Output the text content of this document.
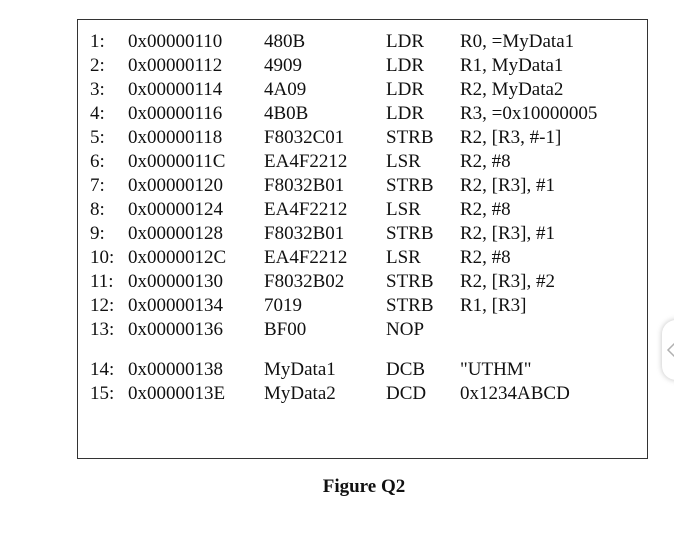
1: 0x00000110 480B	LDR R0, =MyData1
2: 0x00000112 4909	LDR R1, MyData1
3: 0x00000114 4A09	LDR R2, MyData2
4: 0x00000116 4B0B	LDR R3, =0x10000005
5: 0x00000118 F8032C01 STRB R2, [R3, #-1]
6: 0x0000011C EA4F2212 LSR R2, #8
7: 0x00000120 F8032B01 STRB R2, [R3], #1
8: 0x00000124 EA4F2212 LSR R2, #8
9: 0x00000128 F8032B01 STRB R2, [R3], #1
10: 0x0000012C EA4F2212 LSR R2, #8
11: 0x00000130 F8032B02 STRB R2, [R3], #2
12: 0x00000134 7019	STRB R1, [R3]
13: 0x00000136 BF00	NOP
14: 0x00000138 MyData1	DCB "UTHM"
15: 0x0000013E MyData2	DCD 0x1234ABCD
Figure Q2
